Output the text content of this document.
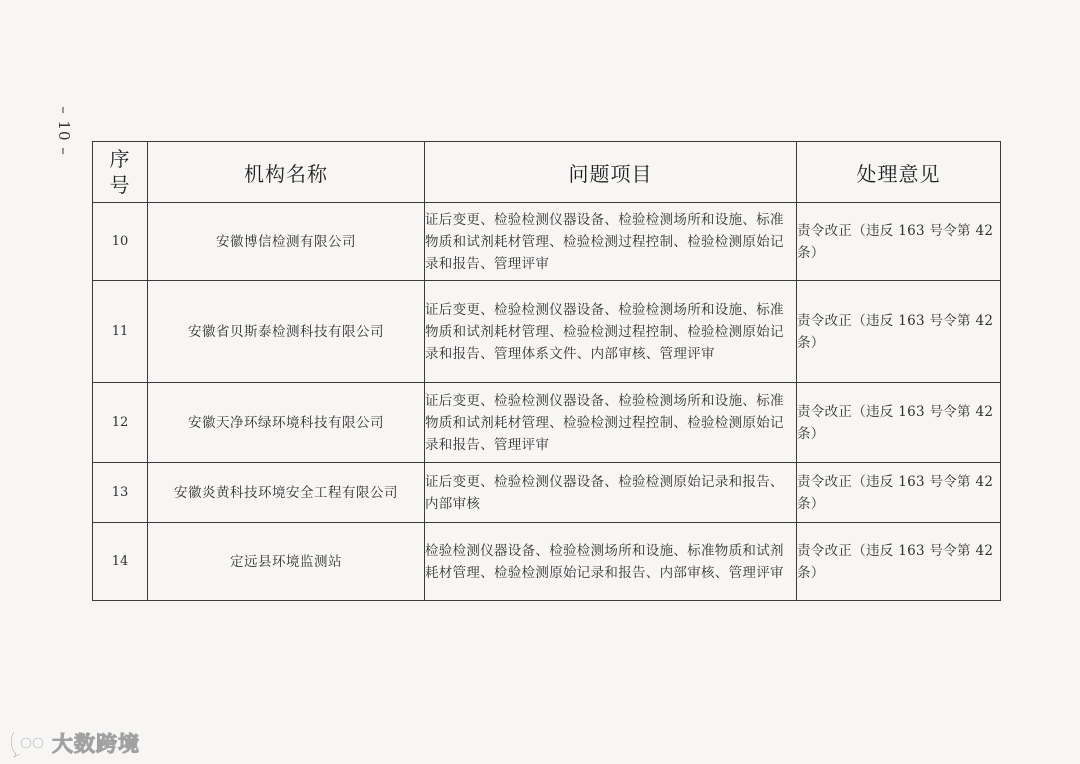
– 10 –
序号	机构名称	问题项目	处理意见
10	安徽博信检测有限公司	证后变更、检验检测仪器设备、检验检测场所和设施、标准物质和试剂耗材管理、检验检测过程控制、检验检测原始记录和报告、管理评审	责令改正（违反 163 号令第 42 条）
11	安徽省贝斯泰检测科技有限公司	证后变更、检验检测仪器设备、检验检测场所和设施、标准物质和试剂耗材管理、检验检测过程控制、检验检测原始记录和报告、管理体系文件、内部审核、管理评审	责令改正（违反 163 号令第 42 条）
12	安徽天净环绿环境科技有限公司	证后变更、检验检测仪器设备、检验检测场所和设施、标准物质和试剂耗材管理、检验检测过程控制、检验检测原始记录和报告、管理评审	责令改正（违反 163 号令第 42 条）
13	安徽炎黄科技环境安全工程有限公司	证后变更、检验检测仪器设备、检验检测原始记录和报告、内部审核	责令改正（违反 163 号令第 42 条）
14	定远县环境监测站	检验检测仪器设备、检验检测场所和设施、标准物质和试剂耗材管理、检验检测原始记录和报告、内部审核、管理评审	责令改正（违反 163 号令第 42 条）
大数跨境
